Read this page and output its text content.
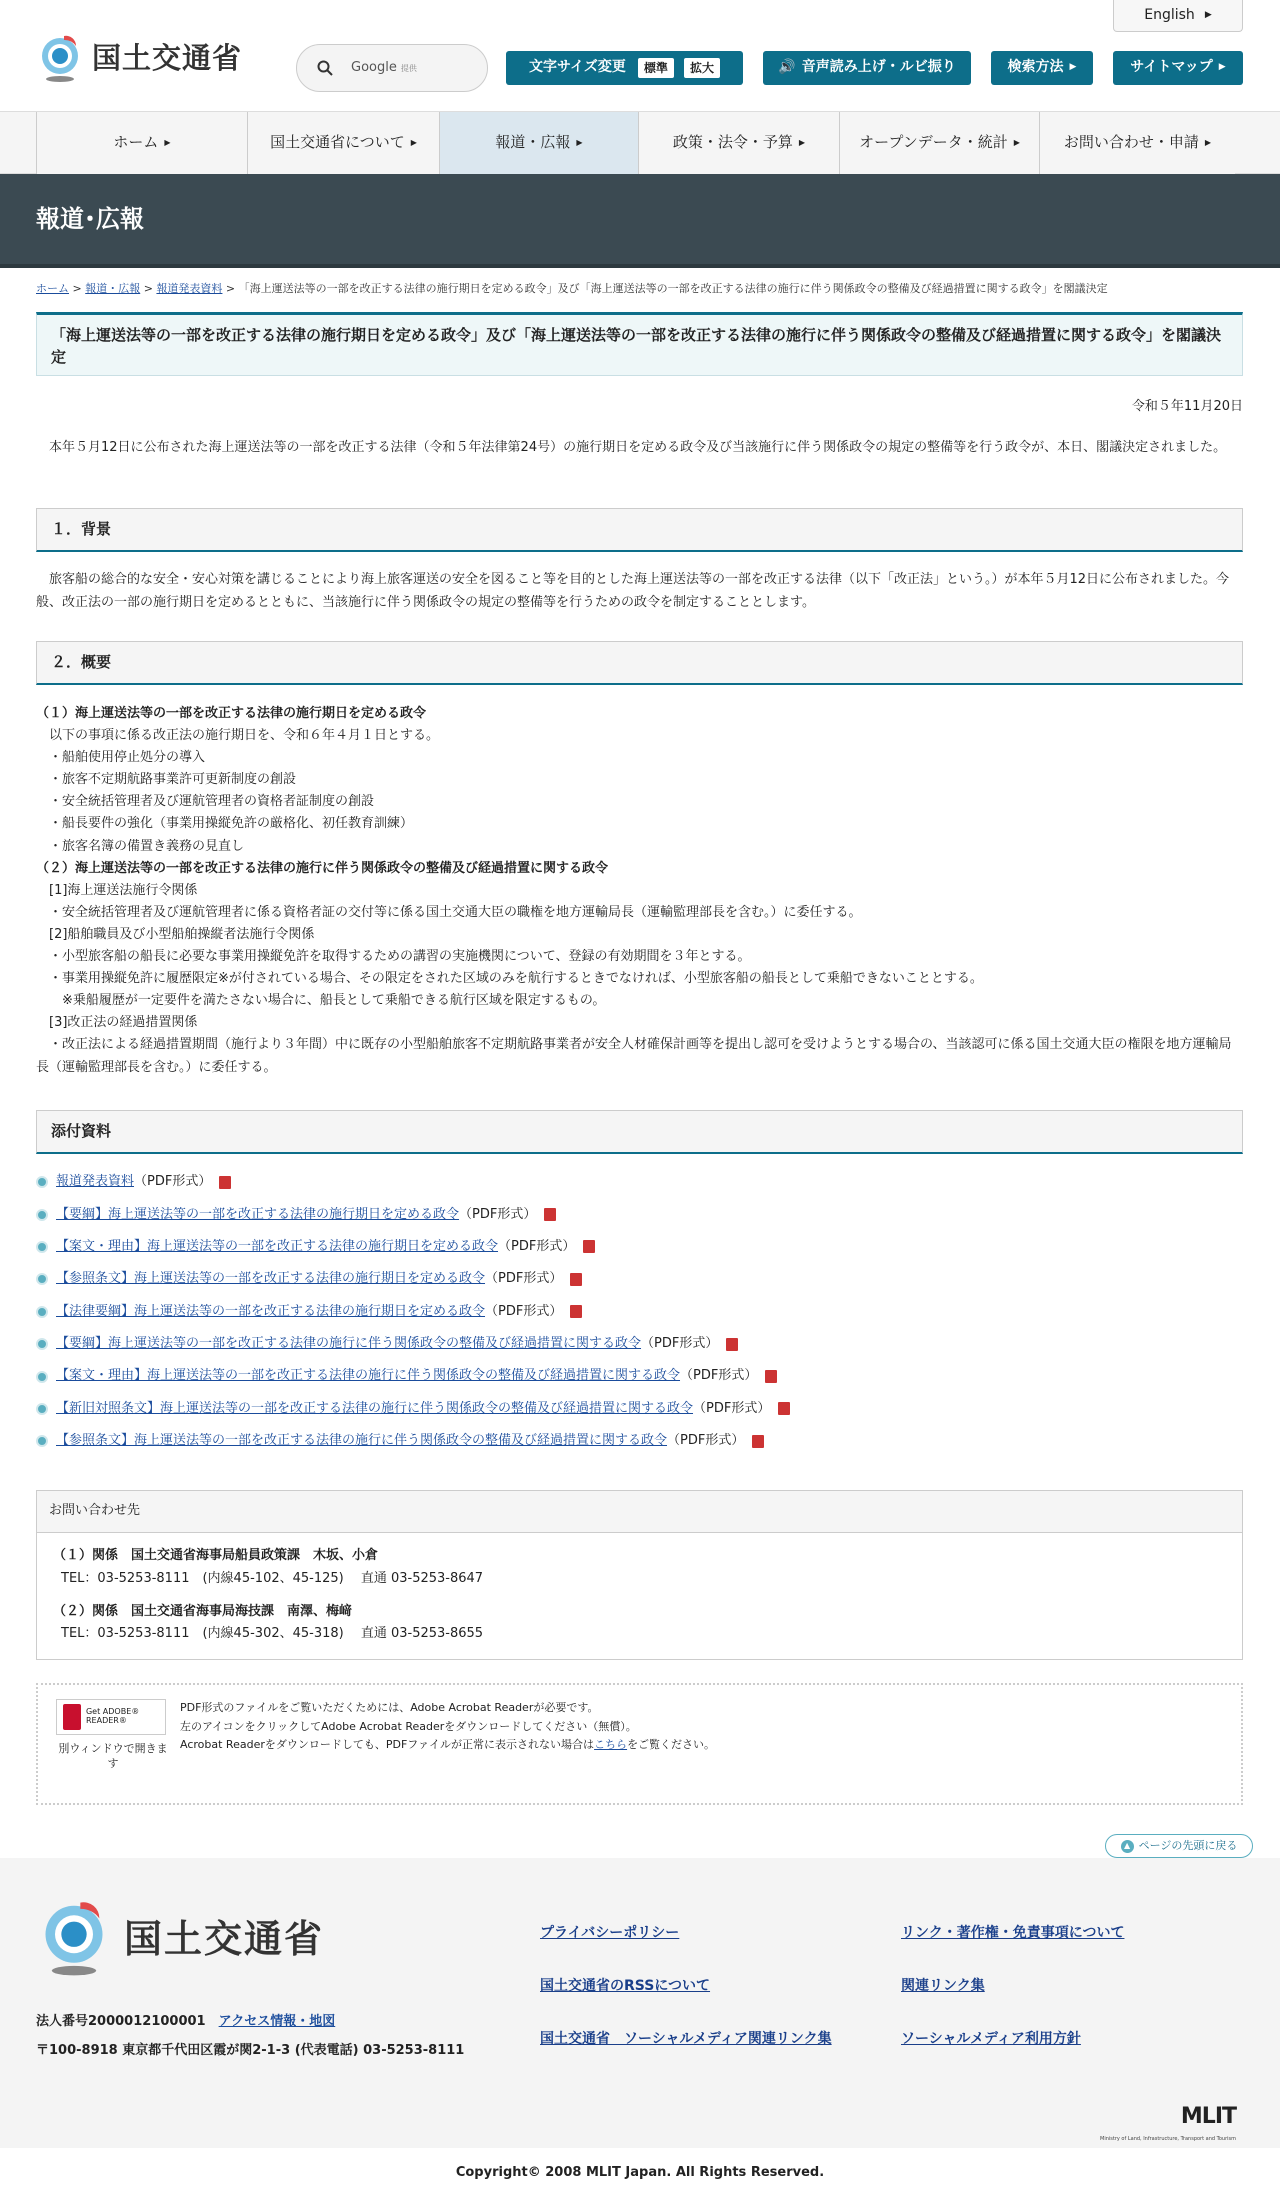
国土交通省	Google 提供
English ▶
文字サイズ変更	標準	拡大	🔊 音声読み上げ・ルビ振り	検索方法 ▶	サイトマップ ▶
ホーム ▶	国土交通省について ▶	報道・広報 ▶	政策・法令・予算 ▶	オープンデータ・統計 ▶	お問い合わせ・申請 ▶
報道･広報
ホーム > 報道・広報 > 報道発表資料 > 「海上運送法等の一部を改正する法律の施行期日を定める政令」及び「海上運送法等の一部を改正する法律の施行に伴う関係政令の整備及び経過措置に関する政令」を閣議決定
「海上運送法等の一部を改正する法律の施行期日を定める政令」及び「海上運送法等の一部を改正する法律の施行に伴う関係政令の整備及び経過措置に関する政令」を閣議決定
令和５年11月20日
　本年５月12日に公布された海上運送法等の一部を改正する法律（令和５年法律第24号）の施行期日を定める政令及び当該施行に伴う関係政令の規定の整備等を行う政令が、本日、閣議決定されました。
１．背景
　旅客船の総合的な安全・安心対策を講じることにより海上旅客運送の安全を図ること等を目的とした海上運送法等の一部を改正する法律（以下「改正法」という。）が本年５月12日に公布されました。今般、改正法の一部の施行期日を定めるとともに、当該施行に伴う関係政令の規定の整備等を行うための政令を制定することとします。
２．概要
（１）海上運送法等の一部を改正する法律の施行期日を定める政令
　以下の事項に係る改正法の施行期日を、令和６年４月１日とする。
　・船舶使用停止処分の導入
　・旅客不定期航路事業許可更新制度の創設
　・安全統括管理者及び運航管理者の資格者証制度の創設
　・船長要件の強化（事業用操縦免許の厳格化、初任教育訓練）
　・旅客名簿の備置き義務の見直し
（２）海上運送法等の一部を改正する法律の施行に伴う関係政令の整備及び経過措置に関する政令
　[1]海上運送法施行令関係
　・安全統括管理者及び運航管理者に係る資格者証の交付等に係る国土交通大臣の職権を地方運輸局長（運輸監理部長を含む。）に委任する。
　[2]船舶職員及び小型船舶操縦者法施行令関係
　・小型旅客船の船長に必要な事業用操縦免許を取得するための講習の実施機関について、登録の有効期間を３年とする。
　・事業用操縦免許に履歴限定※が付されている場合、その限定をされた区域のみを航行するときでなければ、小型旅客船の船長として乗船できないこととする。
　　※乗船履歴が一定要件を満たさない場合に、船長として乗船できる航行区域を限定するもの。
　[3]改正法の経過措置関係
　・改正法による経過措置期間（施行より３年間）中に既存の小型船舶旅客不定期航路事業者が安全人材確保計画等を提出し認可を受けようとする場合の、当該認可に係る国土交通大臣の権限を地方運輸局長（運輸監理部長を含む。）に委任する。
添付資料
報道発表資料 （PDF形式）
【要綱】海上運送法等の一部を改正する法律の施行期日を定める政令 （PDF形式）
【案文・理由】海上運送法等の一部を改正する法律の施行期日を定める政令 （PDF形式）
【参照条文】海上運送法等の一部を改正する法律の施行期日を定める政令 （PDF形式）
【法律要綱】海上運送法等の一部を改正する法律の施行期日を定める政令 （PDF形式）
【要綱】海上運送法等の一部を改正する法律の施行に伴う関係政令の整備及び経過措置に関する政令 （PDF形式）
【案文・理由】海上運送法等の一部を改正する法律の施行に伴う関係政令の整備及び経過措置に関する政令 （PDF形式）
【新旧対照条文】海上運送法等の一部を改正する法律の施行に伴う関係政令の整備及び経過措置に関する政令 （PDF形式）
【参照条文】海上運送法等の一部を改正する法律の施行に伴う関係政令の整備及び経過措置に関する政令 （PDF形式）
お問い合わせ先
（１）関係　国土交通省海事局船員政策課　木坂、小倉
TEL：03-5253-8111　(内線45-102、45-125)　 直通 03-5253-8647
（２）関係　国土交通省海事局海技課　南澤、梅﨑
TEL：03-5253-8111　(内線45-302、45-318)　 直通 03-5253-8655
Get ADOBE® READER®
別ウィンドウで開きます
PDF形式のファイルをご覧いただくためには、Adobe Acrobat Readerが必要です。
左のアイコンをクリックしてAdobe Acrobat Readerをダウンロードしてください（無償）。
Acrobat Readerをダウンロードしても、PDFファイルが正常に表示されない場合はこちらをご覧ください。
▲ ページの先頭に戻る
国土交通省
法人番号2000012100001　 アクセス情報・地図
〒100-8918 東京都千代田区霞が関2-1-3 (代表電話) 03-5253-8111
プライバシーポリシー
国土交通省のRSSについて
国土交通省　ソーシャルメディア関連リンク集
リンク・著作権・免責事項について
関連リンク集
ソーシャルメディア利用方針
MLIT
Ministry of Land, Infrastructure, Transport and Tourism
Copyright© 2008 MLIT Japan. All Rights Reserved.
